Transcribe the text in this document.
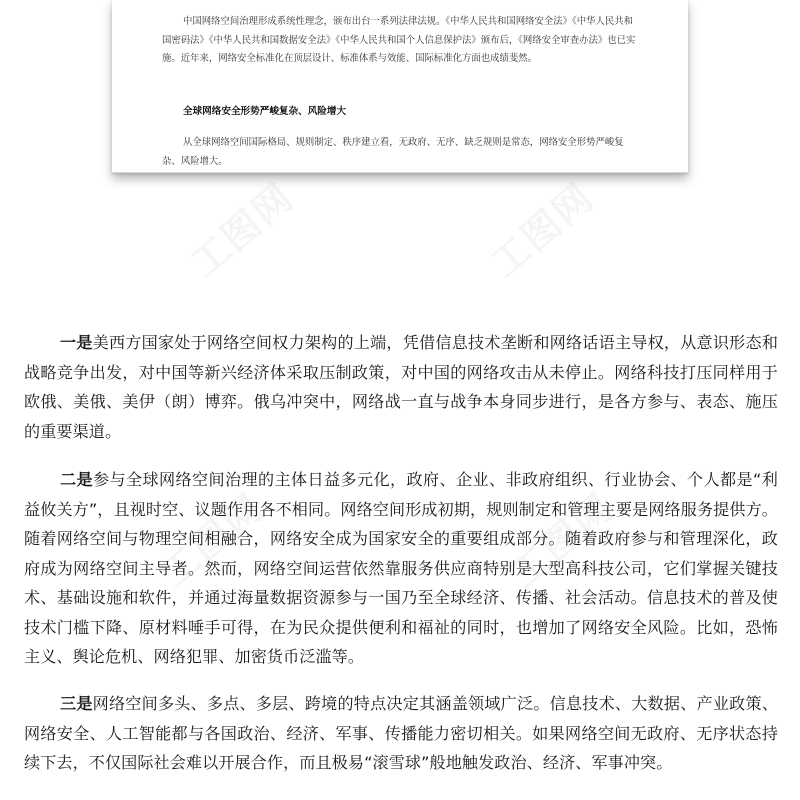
工图网	工图网
工图网	工图网

中国网络空间治理形成系统性理念，颁布出台一系列法律法规。《中华人民共和国网络安全法》《中华人民共和国密码法》《中华人民共和国数据安全法》《中华人民共和国个人信息保护法》颁布后，《网络安全审查办法》也已实施。近年来，网络安全标准化在顶层设计、标准体系与效能、国际标准化方面也成绩斐然。

全球网络安全形势严峻复杂、风险增大

从全球网络空间国际格局、规则制定、秩序建立看，无政府、无序、缺乏规则是常态，网络安全形势严峻复杂、风险增大。

一是美西方国家处于网络空间权力架构的上端，凭借信息技术垄断和网络话语主导权，从意识形态和战略竞争出发，对中国等新兴经济体采取压制政策，对中国的网络攻击从未停止。网络科技打压同样用于欧俄、美俄、美伊（朗）博弈。俄乌冲突中，网络战一直与战争本身同步进行，是各方参与、表态、施压的重要渠道。

二是参与全球网络空间治理的主体日益多元化，政府、企业、非政府组织、行业协会、个人都是“利益攸关方”，且视时空、议题作用各不相同。网络空间形成初期，规则制定和管理主要是网络服务提供方。随着网络空间与物理空间相融合，网络安全成为国家安全的重要组成部分。随着政府参与和管理深化，政府成为网络空间主导者。然而，网络空间运营依然靠服务供应商特别是大型高科技公司，它们掌握关键技术、基础设施和软件，并通过海量数据资源参与一国乃至全球经济、传播、社会活动。信息技术的普及使技术门槛下降、原材料唾手可得，在为民众提供便利和福祉的同时，也增加了网络安全风险。比如，恐怖主义、舆论危机、网络犯罪、加密货币泛滥等。

三是网络空间多头、多点、多层、跨境的特点决定其涵盖领域广泛。信息技术、大数据、产业政策、网络安全、人工智能都与各国政治、经济、军事、传播能力密切相关。如果网络空间无政府、无序状态持续下去，不仅国际社会难以开展合作，而且极易“滚雪球”般地触发政治、经济、军事冲突。
